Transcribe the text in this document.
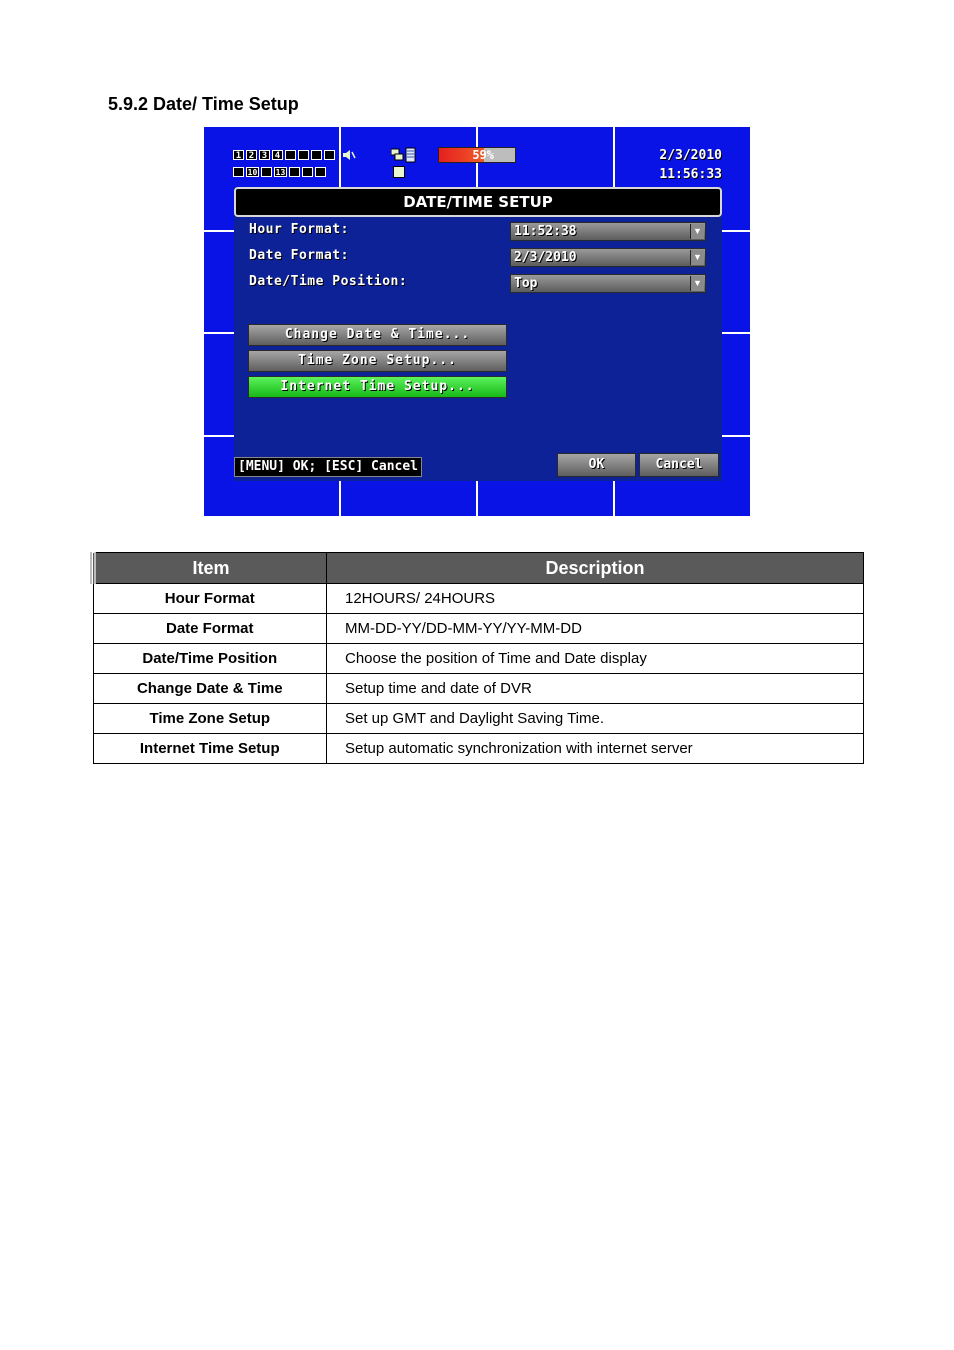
5.9.2 Date/ Time Setup
1 2 3 4
10 13
59%	2/3/2010
11:56:33
DATE/TIME SETUP
Hour Format:	11:52:38	▼
Date Format:	2/3/2010	▼
Date/Time Position:	Top	▼
Change Date & Time...
Time Zone Setup...
Internet Time Setup...
[MENU] OK; [ESC] Cancel	OK	Cancel
Item	Description
Hour Format	12HOURS/ 24HOURS
Date Format	MM-DD-YY/DD-MM-YY/YY-MM-DD
Date/Time Position	Choose the position of Time and Date display
Change Date & Time	Setup time and date of DVR
Time Zone Setup	Set up GMT and Daylight Saving Time.
Internet Time Setup	Setup automatic synchronization with internet server
